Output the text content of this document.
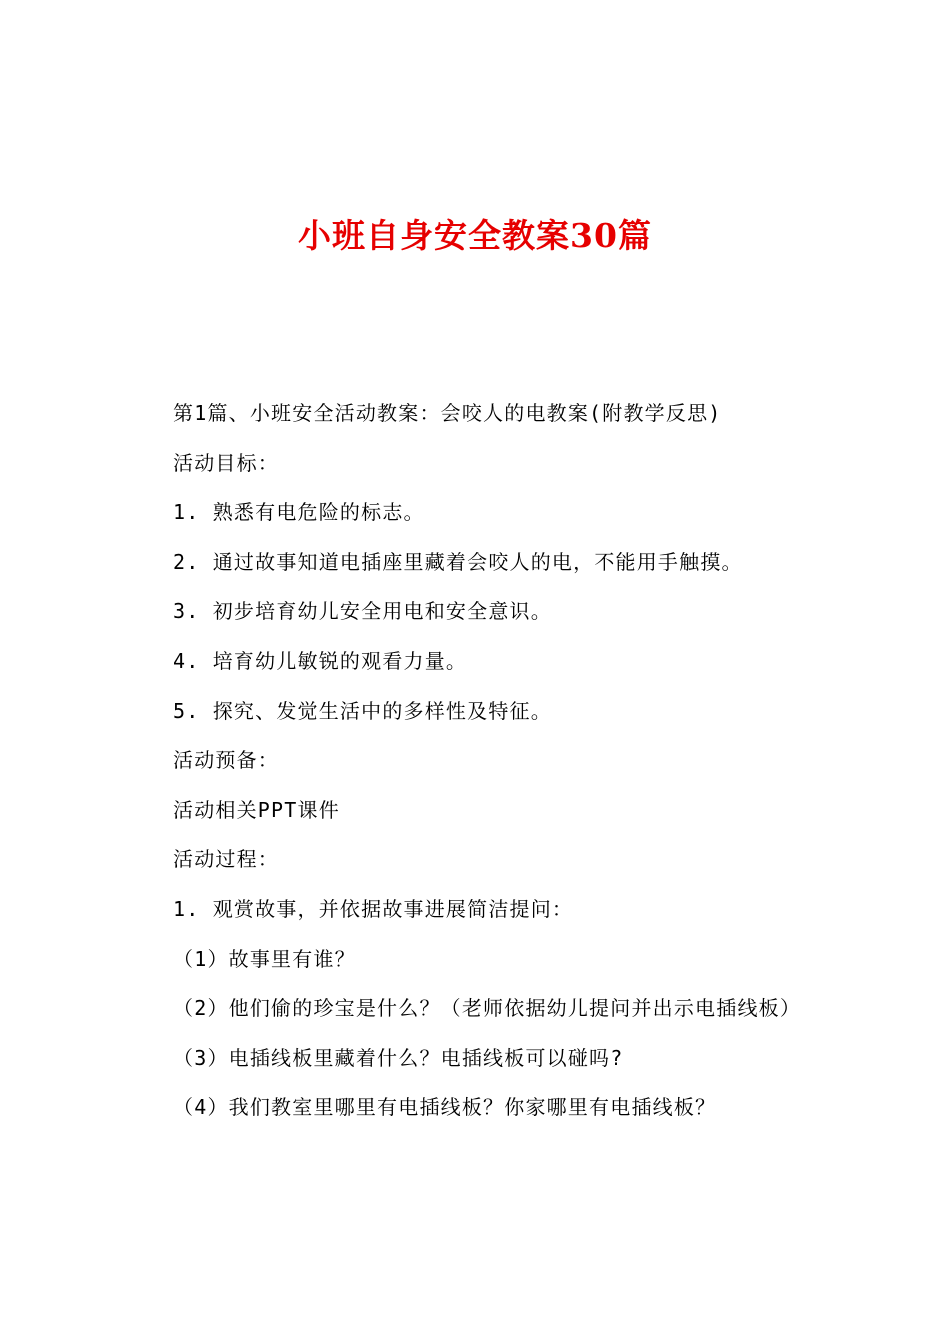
小班自身安全教案30篇
第1篇、小班安全活动教案：会咬人的电教案(附教学反思)
活动目标：
1. 熟悉有电危险的标志。
2. 通过故事知道电插座里藏着会咬人的电，不能用手触摸。
3. 初步培育幼儿安全用电和安全意识。
4. 培育幼儿敏锐的观看力量。
5. 探究、发觉生活中的多样性及特征。
活动预备：
活动相关PPT课件
活动过程：
1. 观赏故事，并依据故事进展简洁提问：
（1）故事里有谁？
（2）他们偷的珍宝是什么？（老师依据幼儿提问并出示电插线板）
（3）电插线板里藏着什么？电插线板可以碰吗?
（4）我们教室里哪里有电插线板？你家哪里有电插线板？
